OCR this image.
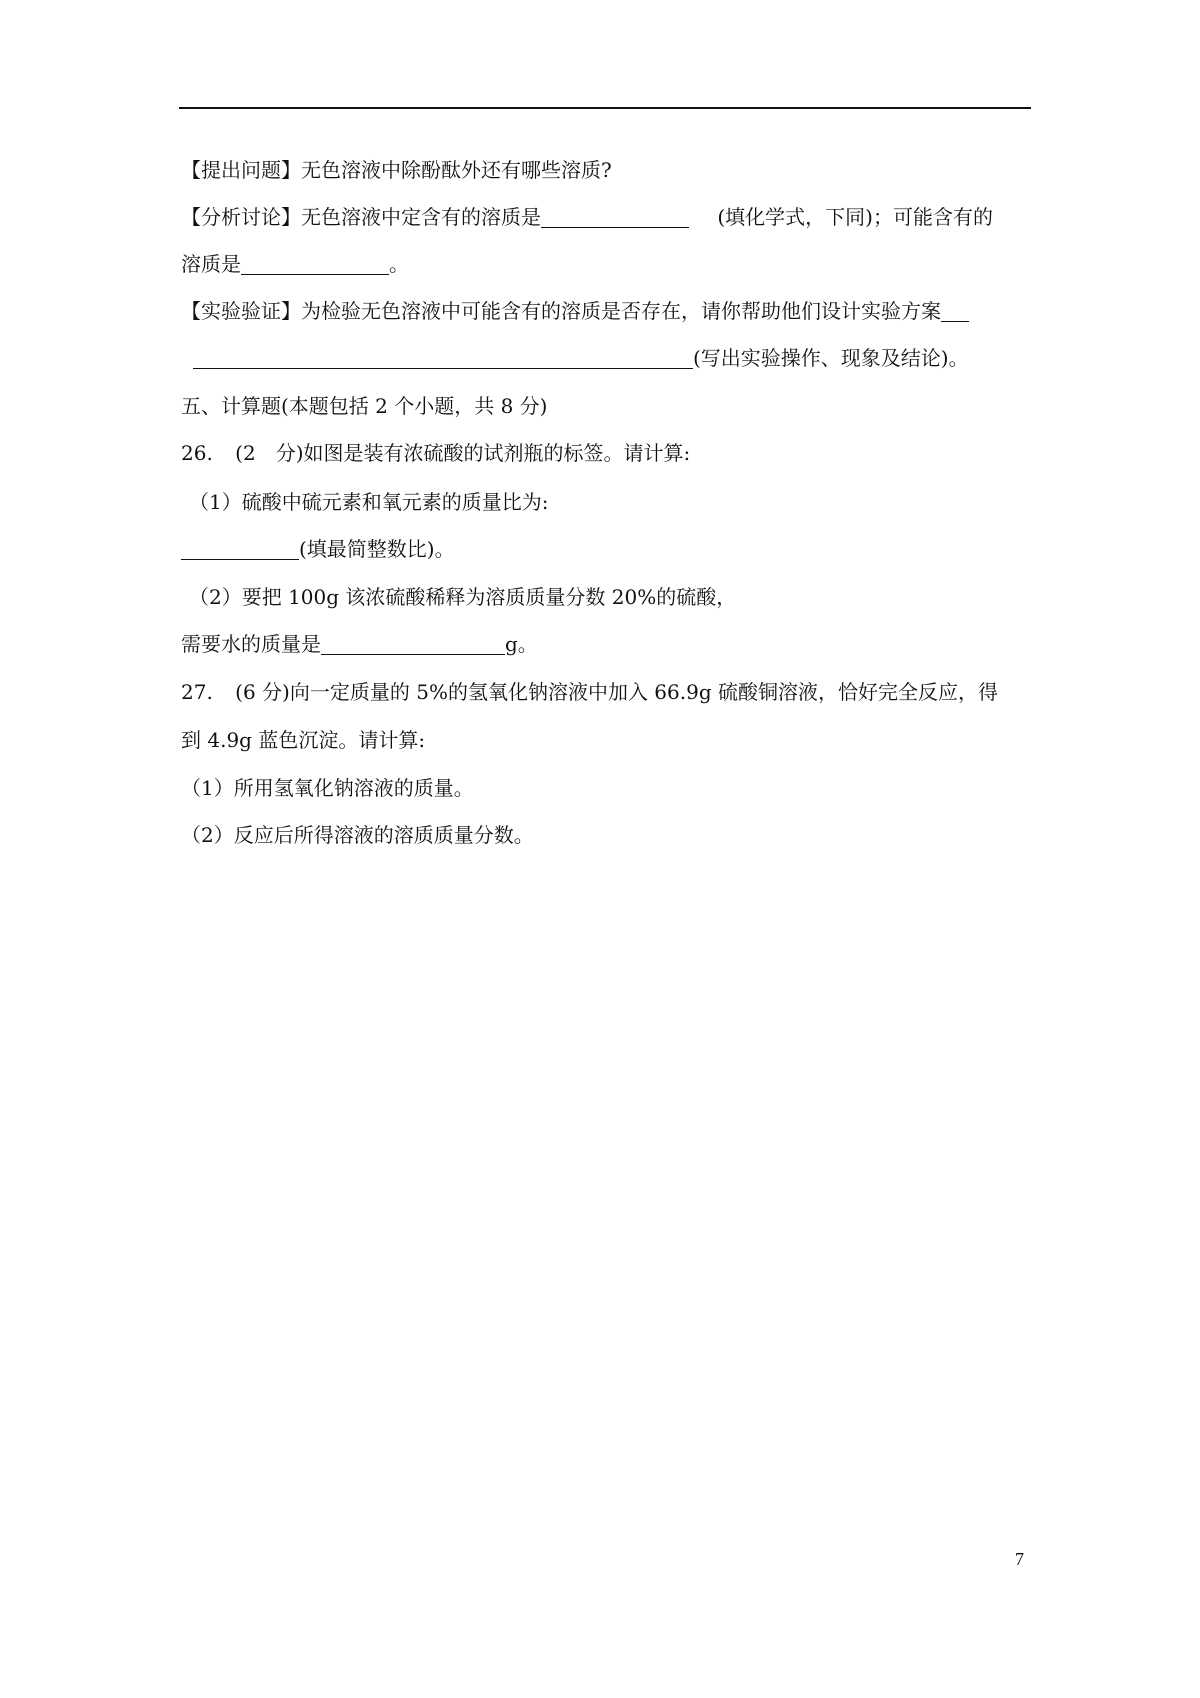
【提出问题】无色溶液中除酚酞外还有哪些溶质?
【分析讨论】无色溶液中定含有的溶质是	(填化学式，下同)；可能含有的
溶质是	。
【实验验证】为检验无色溶液中可能含有的溶质是否存在，请你帮助他们设计实验方案
(写出实验操作、现象及结论)。
五、计算题(本题包括 2 个小题，共 8 分)
26. (2　分)如图是装有浓硫酸的试剂瓶的标签。请计算:
（1）硫酸中硫元素和氧元素的质量比为:
(填最简整数比)。
（2）要把 100g 该浓硫酸稀释为溶质质量分数 20%的硫酸，
需要水的质量是	g。
27. (6 分)向一定质量的 5%的氢氧化钠溶液中加入 66.9g 硫酸铜溶液，恰好完全反应，得
到 4.9g 蓝色沉淀。请计算:
（1）所用氢氧化钠溶液的质量。
（2）反应后所得溶液的溶质质量分数。
7
